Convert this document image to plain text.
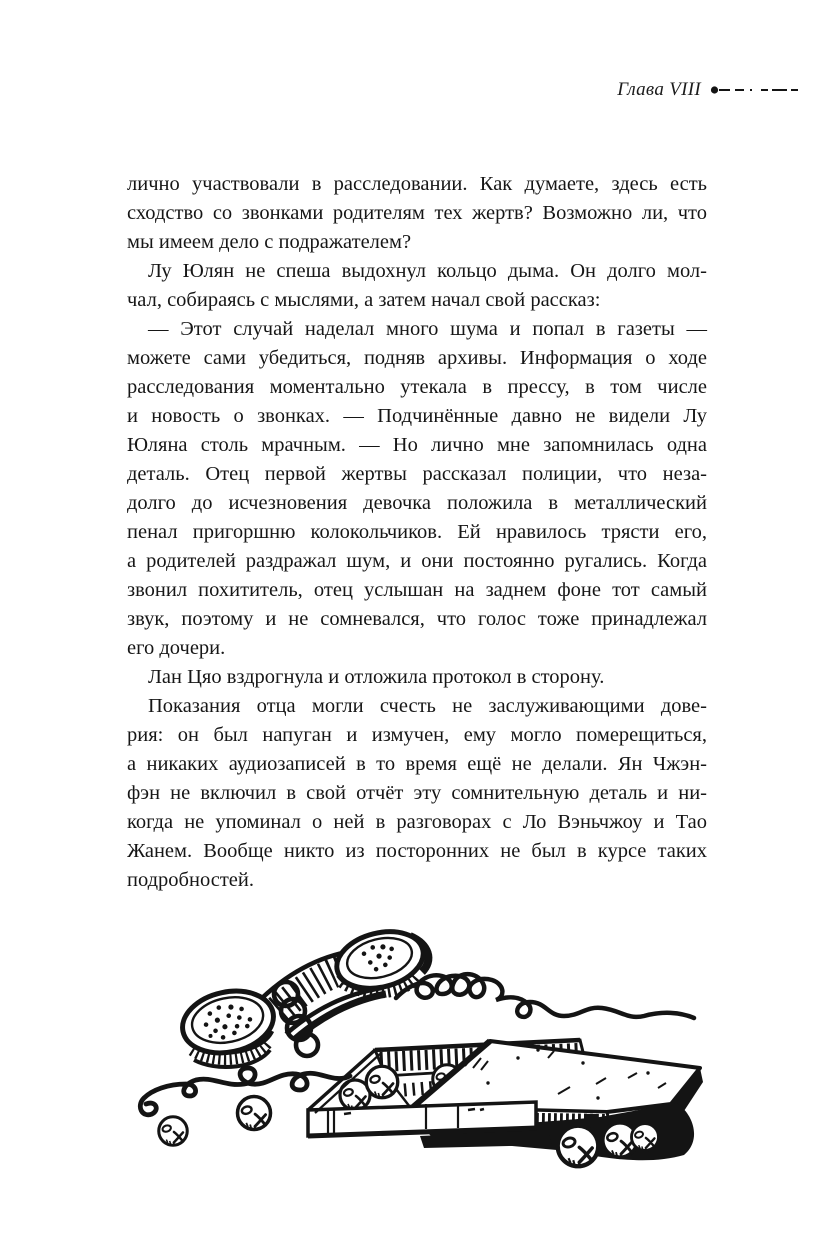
Глава VIII
лично участвовали в расследовании. Как думаете, здесь есть
сходство со звонками родителям тех жертв? Возможно ли, что
мы имеем дело с подражателем?
Лу Юлян не спеша выдохнул кольцо дыма. Он долго мол-
чал, собираясь с мыслями, а затем начал свой рассказ:
— Этот случай наделал много шума и попал в газеты —
можете сами убедиться, подняв архивы. Информация о ходе
расследования моментально утекала в прессу, в том числе
и новость о звонках. — Подчинённые давно не видели Лу
Юляна столь мрачным. — Но лично мне запомнилась одна
деталь. Отец первой жертвы рассказал полиции, что неза-
долго до исчезновения девочка положила в металлический
пенал пригоршню колокольчиков. Ей нравилось трясти его,
а родителей раздражал шум, и они постоянно ругались. Когда
звонил похититель, отец услышан на заднем фоне тот самый
звук, поэтому и не сомневался, что голос тоже принадлежал
его дочери.
Лан Цяо вздрогнула и отложила протокол в сторону.
Показания отца могли счесть не заслуживающими дове-
рия: он был напуган и измучен, ему могло померещиться,
а никаких аудиозаписей в то время ещё не делали. Ян Чжэн-
фэн не включил в свой отчёт эту сомнительную деталь и ни-
когда не упоминал о ней в разговорах с Ло Вэньчжоу и Тао
Жанем. Вообще никто из посторонних не был в курсе таких
подробностей.
